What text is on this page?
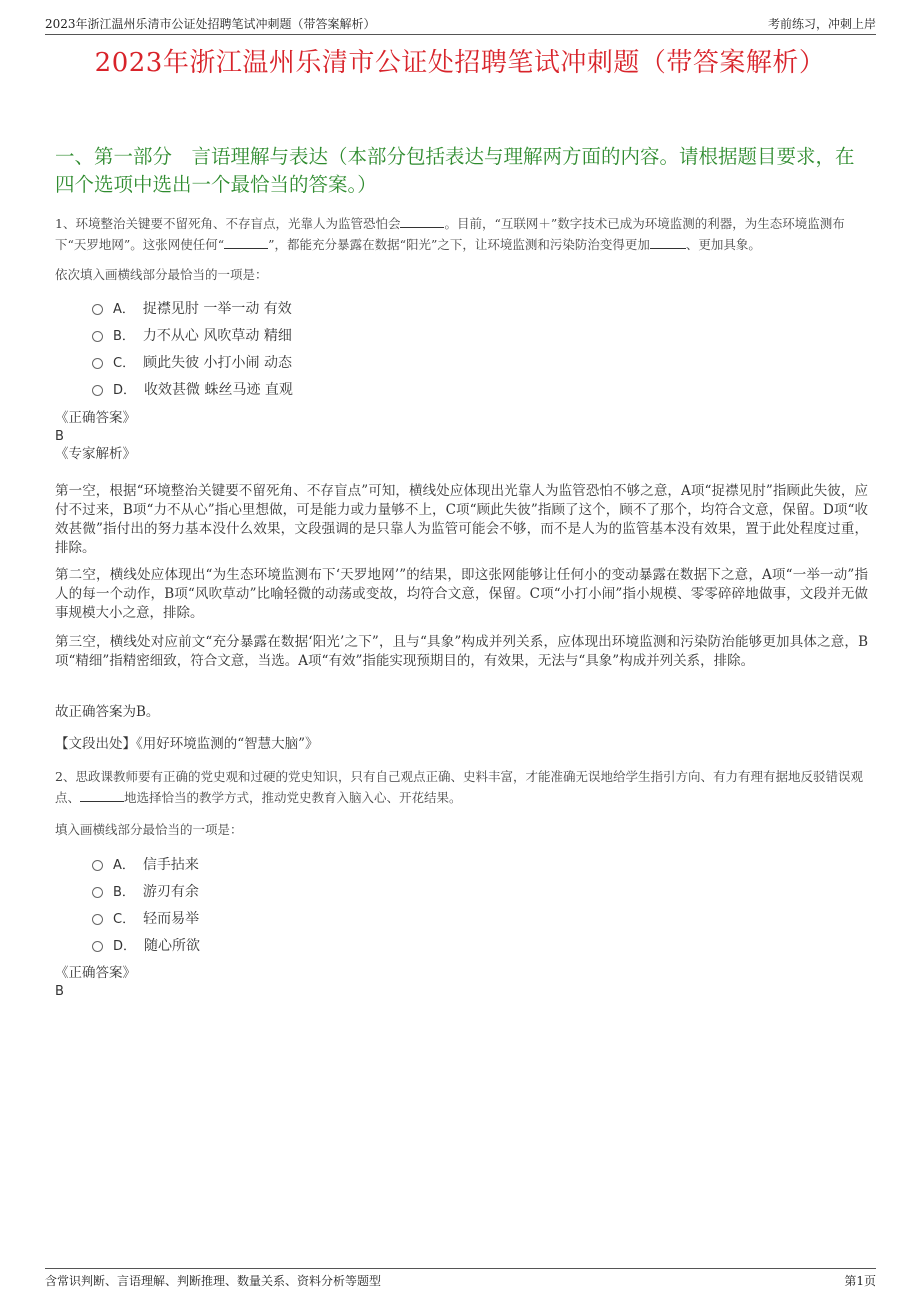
2023年浙江温州乐清市公证处招聘笔试冲刺题（带答案解析）	考前练习，冲刺上岸
2023年浙江温州乐清市公证处招聘笔试冲刺题（带答案解析）
一、第一部分　言语理解与表达（本部分包括表达与理解两方面的内容。请根据题目要求，在四个选项中选出一个最恰当的答案。）
1、环境整治关键要不留死角、不存盲点，光靠人为监管恐怕会	。目前，“互联网＋”数字技术已成为环境监测的利器，为生态环境监测布下“天罗地网”。这张网使任何“	”，都能充分暴露在数据“阳光”之下，让环境监测和污染防治变得更加	、更加具象。
依次填入画横线部分最恰当的一项是：
A． 捉襟见肘 一举一动 有效
B． 力不从心 风吹草动 精细
C． 顾此失彼 小打小闹 动态
D． 收效甚微 蛛丝马迹 直观
《正确答案》
B
《专家解析》

第一空，根据“环境整治关键要不留死角、不存盲点”可知，横线处应体现出光靠人为监管恐怕不够之意，A项“捉襟见肘”指顾此失彼，应付不过来，B项“力不从心”指心里想做，可是能力或力量够不上，C项“顾此失彼”指顾了这个，顾不了那个，均符合文意，保留。D项“收效甚微”指付出的努力基本没什么效果，文段强调的是只靠人为监管可能会不够，而不是人为的监管基本没有效果，置于此处程度过重，排除。

第二空，横线处应体现出“为生态环境监测布下‘天罗地网’”的结果，即这张网能够让任何小的变动暴露在数据下之意，A项“一举一动”指人的每一个动作，B项“风吹草动”比喻轻微的动荡或变故，均符合文意，保留。C项“小打小闹”指小规模、零零碎碎地做事，文段并无做事规模大小之意，排除。

第三空，横线处对应前文“充分暴露在数据‘阳光’之下”，且与“具象”构成并列关系，应体现出环境监测和污染防治能够更加具体之意，B项“精细”指精密细致，符合文意，当选。A项“有效”指能实现预期目的，有效果，无法与“具象”构成并列关系，排除。

故正确答案为B。

【文段出处】《用好环境监测的“智慧大脑”》

2、思政课教师要有正确的党史观和过硬的党史知识，只有自己观点正确、史料丰富，才能准确无误地给学生指引方向、有力有理有据地反驳错误观点、	地选择恰当的教学方式，推动党史教育入脑入心、开花结果。
填入画横线部分最恰当的一项是：
A． 信手拈来
B． 游刃有余
C． 轻而易举
D． 随心所欲
《正确答案》
B
含常识判断、言语理解、判断推理、数量关系、资料分析等题型	第1页
